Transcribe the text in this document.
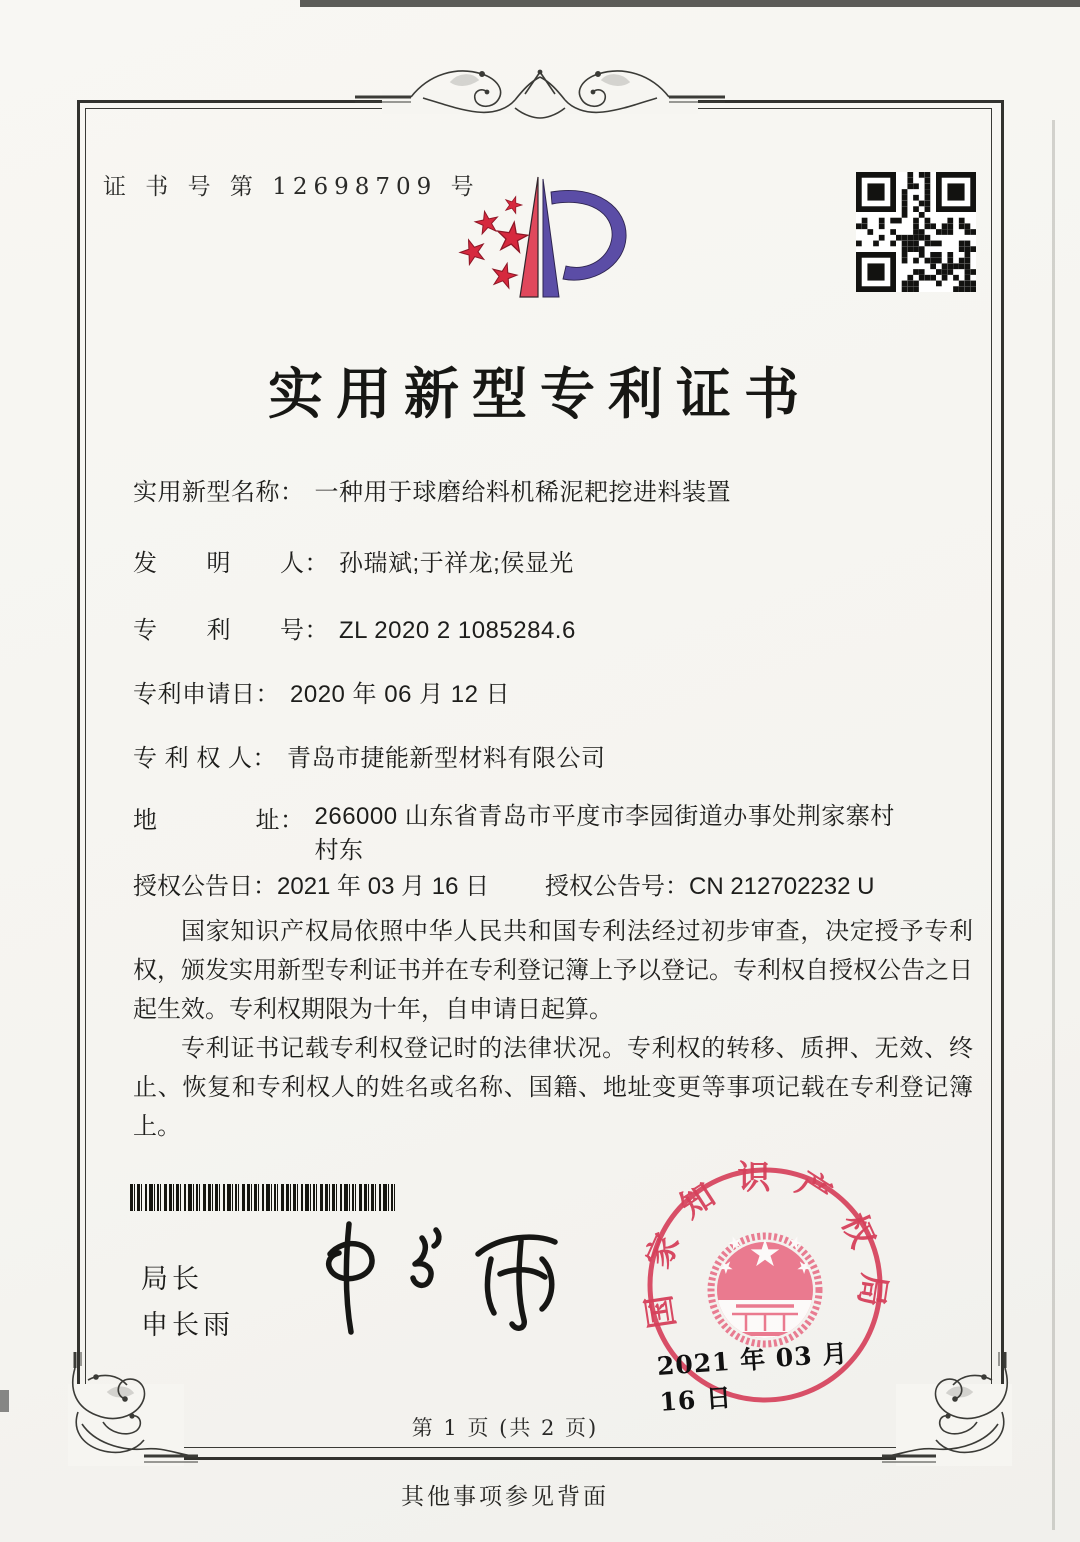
证 书 号 第 12698709 号
实用新型专利证书
实用新型名称： 一种用于球磨给料机稀泥耙挖进料装置
发　　明　　人： 孙瑞斌;于祥龙;侯显光
专　　利　　号： ZL 2020 2 1085284.6
专利申请日： 2020 年 06 月 12 日
专 利 权 人： 青岛市捷能新型材料有限公司
地　　　　址： 266000 山东省青岛市平度市李园街道办事处荆家寨村村东
授权公告日：2021 年 03 月 16 日 授权公告号：CN 212702232 U

国家知识产权局依照中华人民共和国专利法经过初步审查，决定授予专利权，颁发实用新型专利证书并在专利登记簿上予以登记。专利权自授权公告之日起生效。专利权期限为十年，自申请日起算。

专利证书记载专利权登记时的法律状况。专利权的转移、质押、无效、终止、恢复和专利权人的姓名或名称、国籍、地址变更等事项记载在专利登记簿上。

局长
申长雨	国家知识产权局
2021 年 03 月 16 日
第 1 页 (共 2 页)
其他事项参见背面
